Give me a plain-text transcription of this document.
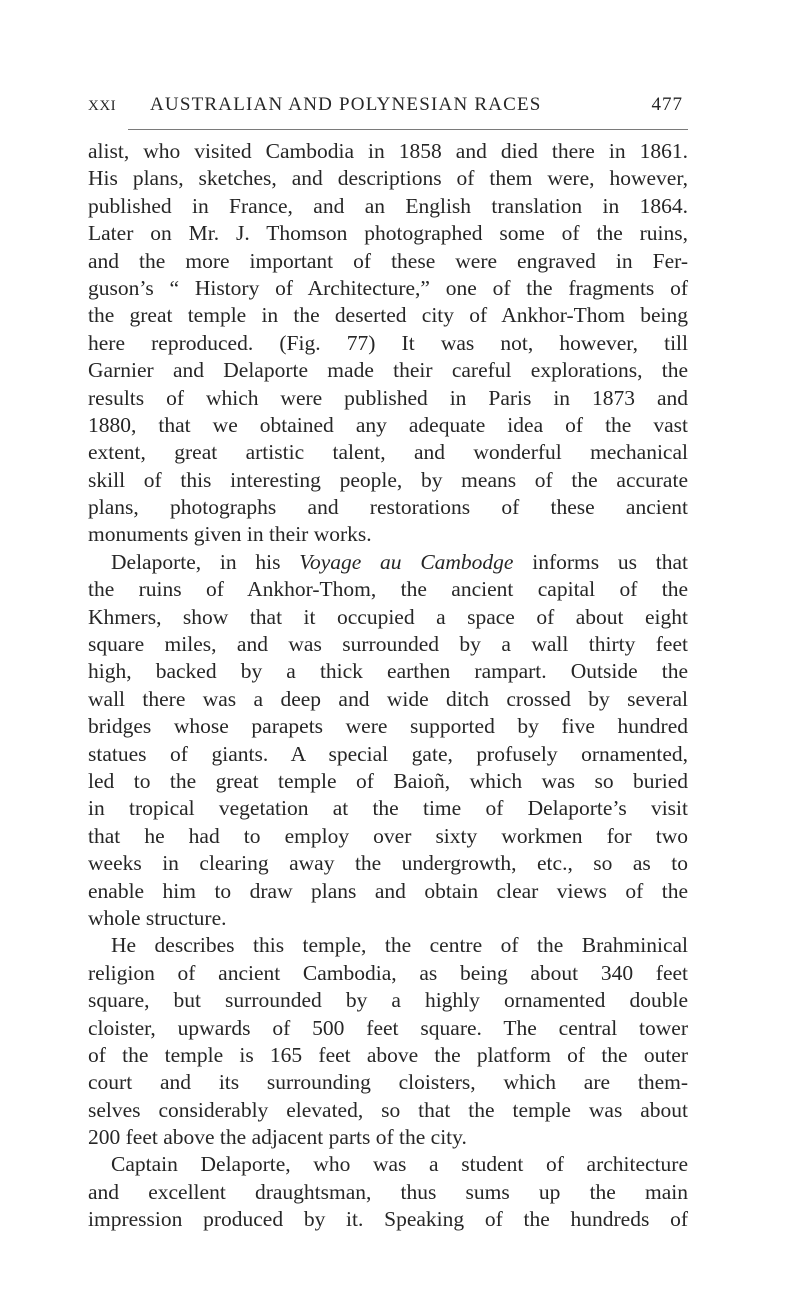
XXI AUSTRALIAN AND POLYNESIAN RACES	477
alist, who visited Cambodia in 1858 and died there in 1861.
His plans, sketches, and descriptions of them were, however,
published in France, and an English translation in 1864.
Later on Mr. J. Thomson photographed some of the ruins,
and the more important of these were engraved in Fer-
guson’s “ History of Architecture,” one of the fragments of
the great temple in the deserted city of Ankhor-Thom being
here reproduced. (Fig. 77) It was not, however, till
Garnier and Delaporte made their careful explorations, the
results of which were published in Paris in 1873 and
1880, that we obtained any adequate idea of the vast
extent, great artistic talent, and wonderful mechanical
skill of this interesting people, by means of the accurate
plans, photographs and restorations of these ancient
monuments given in their works.
Delaporte, in his Voyage au Cambodge informs us that
the ruins of Ankhor-Thom, the ancient capital of the
Khmers, show that it occupied a space of about eight
square miles, and was surrounded by a wall thirty feet
high, backed by a thick earthen rampart. Outside the
wall there was a deep and wide ditch crossed by several
bridges whose parapets were supported by five hundred
statues of giants. A special gate, profusely ornamented,
led to the great temple of Baioñ, which was so buried
in tropical vegetation at the time of Delaporte’s visit
that he had to employ over sixty workmen for two
weeks in clearing away the undergrowth, etc., so as to
enable him to draw plans and obtain clear views of the
whole structure.
He describes this temple, the centre of the Brahminical
religion of ancient Cambodia, as being about 340 feet
square, but surrounded by a highly ornamented double
cloister, upwards of 500 feet square. The central tower
of the temple is 165 feet above the platform of the outer
court and its surrounding cloisters, which are them-
selves considerably elevated, so that the temple was about
200 feet above the adjacent parts of the city.
Captain Delaporte, who was a student of architecture
and excellent draughtsman, thus sums up the main
impression produced by it. Speaking of the hundreds of
